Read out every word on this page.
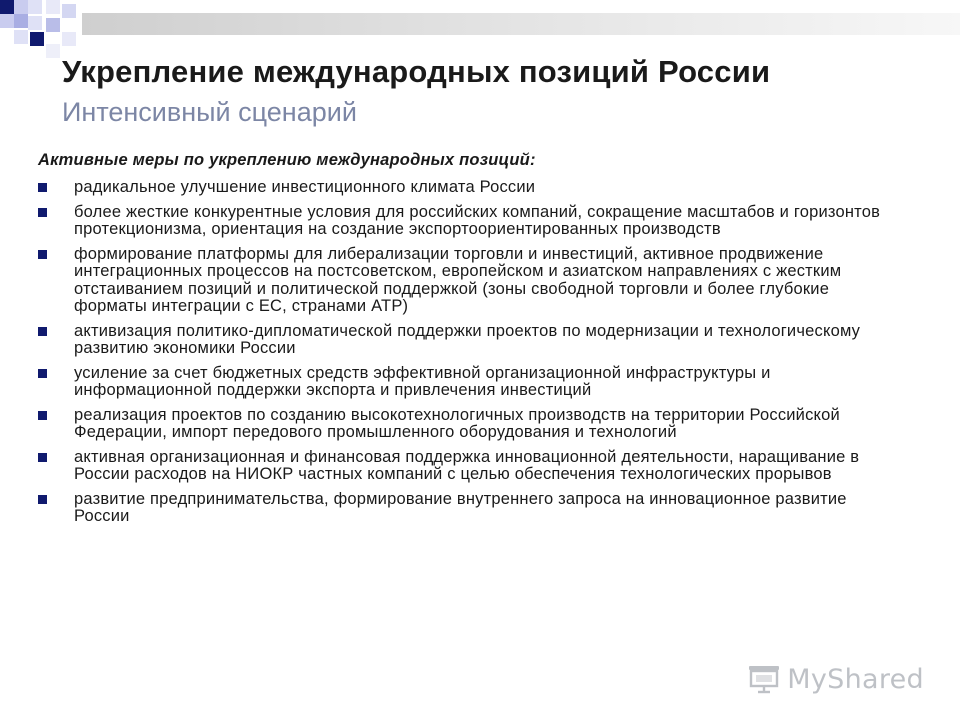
Укрепление международных позиций России
Интенсивный сценарий

Активные меры по укреплению международных позиций:

радикальное улучшение инвестиционного климата России
более жесткие конкурентные условия для российских компаний, сокращение масштабов и горизонтов протекционизма, ориентация на создание экспортоориентированных производств
формирование платформы для либерализации торговли и инвестиций, активное продвижение интеграционных процессов на постсоветском, европейском и азиатском направлениях с жестким отстаиванием позиций и политической поддержкой (зоны свободной торговли и более глубокие форматы интеграции с ЕС, странами АТР)
активизация политико-дипломатической поддержки проектов по модернизации и технологическому развитию экономики России
усиление за счет бюджетных средств эффективной организационной инфраструктуры и информационной поддержки экспорта и привлечения инвестиций
реализация проектов по созданию высокотехнологичных производств на территории Российской Федерации, импорт передового промышленного оборудования и технологий
активная организационная и финансовая поддержка инновационной деятельности, наращивание в России расходов на НИОКР частных компаний с целью обеспечения технологических прорывов
развитие предпринимательства, формирование внутреннего запроса на инновационное развитие России
MyShared
